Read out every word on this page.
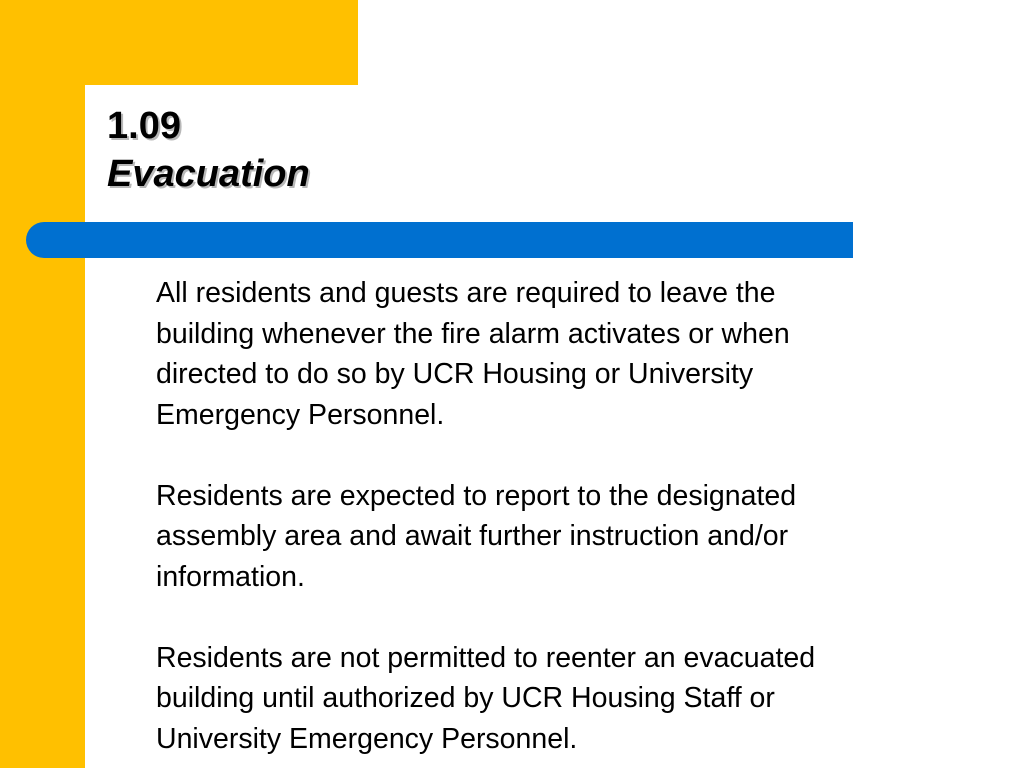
1.09
Evacuation

All residents and guests are required to leave the
building whenever the fire alarm activates or when
directed to do so by UCR Housing or University
Emergency Personnel.

Residents are expected to report to the designated
assembly area and await further instruction and/or
information.

Residents are not permitted to reenter an evacuated
building until authorized by UCR Housing Staff or
University Emergency Personnel.
